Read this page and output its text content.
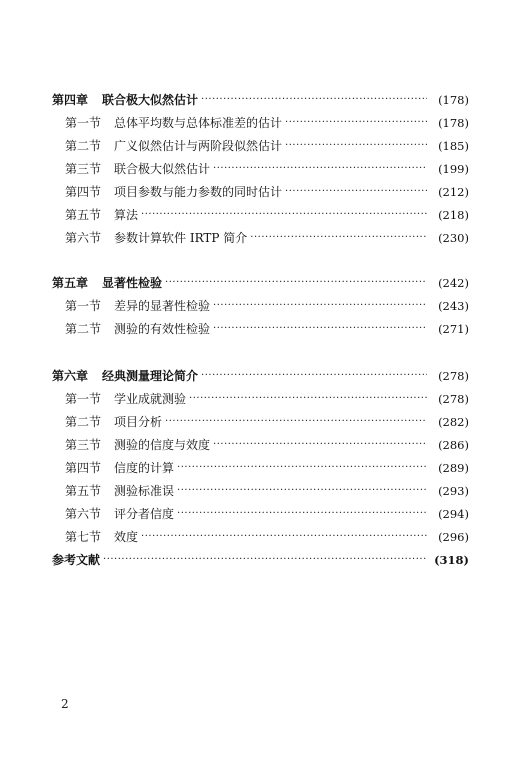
第四章 联合极大似然估计 ·····	(178)
第一节 总体平均数与总体标准差的估计 ·····	(178)
第二节 广义似然估计与两阶段似然估计 ·····	(185)
第三节 联合极大似然估计 ·····	(199)
第四节 项目参数与能力参数的同时估计 ·····	(212)
第五节 算法 ·····	(218)
第六节 参数计算软件 IRTP 简介 ·····	(230)
第五章 显著性检验 ·····	(242)
第一节 差异的显著性检验 ·····	(243)
第二节 测验的有效性检验 ·····	(271)
第六章 经典测量理论简介 ·····	(278)
第一节 学业成就测验 ·····	(278)
第二节 项目分析 ·····	(282)
第三节 测验的信度与效度 ·····	(286)
第四节 信度的计算 ·····	(289)
第五节 测验标准误 ·····	(293)
第六节 评分者信度 ·····	(294)
第七节 效度 ·····	(296)
参考文献 ·····	(318)
2
